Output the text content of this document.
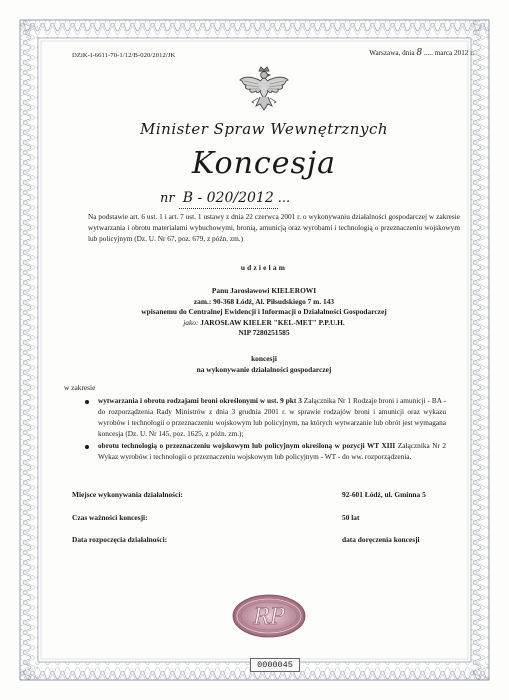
DZiK-I-6611-70-1/12/B-020/2012/JK	Warszawa, dnia 8 ..... marca 2012 r.
Minister Spraw Wewnętrznych
Koncesja
nr B - 020/2012 ...
Na podstawie art. 6 ust. 1 i art. 7 ust. 1 ustawy z dnia 22 czerwca 2001 r. o wykonywaniu działalności gospodarczej w zakresie wytwarzania i obrotu materiałami wybuchowymi, bronią, amunicją oraz wyrobami i technologią o przeznaczeniu wojskowym lub policyjnym (Dz. U. Nr 67, poz. 679, z późn. zm.)
udzielam
Panu Jarosławowi KIELEROWI
zam.: 90-368 Łódź, Al. Piłsudskiego 7 m. 143
wpisanemu do Centralnej Ewidencji i Informacji o Działalności Gospodarczej
jako: JAROSŁAW KIELER "KEL-MET" P.P.U.H.
NIP 7280251585
koncesji
na wykonywanie działalności gospodarczej
w zakresie
wytwarzania i obrotu rodzajami broni określonymi w ust. 9 pkt 3 Załącznika Nr 1 Rodzaje broni i amunicji - BA - do rozporządzenia Rady Ministrów z dnia 3 grudnia 2001 r. w sprawie rodzajów broni i amunicji oraz wykazu wyrobów i technologii o przeznaczeniu wojskowym lub policyjnym, na których wytwarzanie lub obrót jest wymagana koncesja (Dz. U. Nr 145, poz. 1625, z późn. zm.);
obrotu technologią o przeznaczeniu wojskowym lub policyjnym określoną w pozycji WT XIII Załącznika Nr 2 Wykaz wyrobów i technologii o przeznaczeniu wojskowym lub policyjnym - WT - do ww. rozporządzenia.
Miejsce wykonywania działalności:	92-601 Łódź, ul. Gminna 5
Czas ważności koncesji:	50 lat
Data rozpoczęcia działalności:	data doręczenia koncesji
RP
0000045
